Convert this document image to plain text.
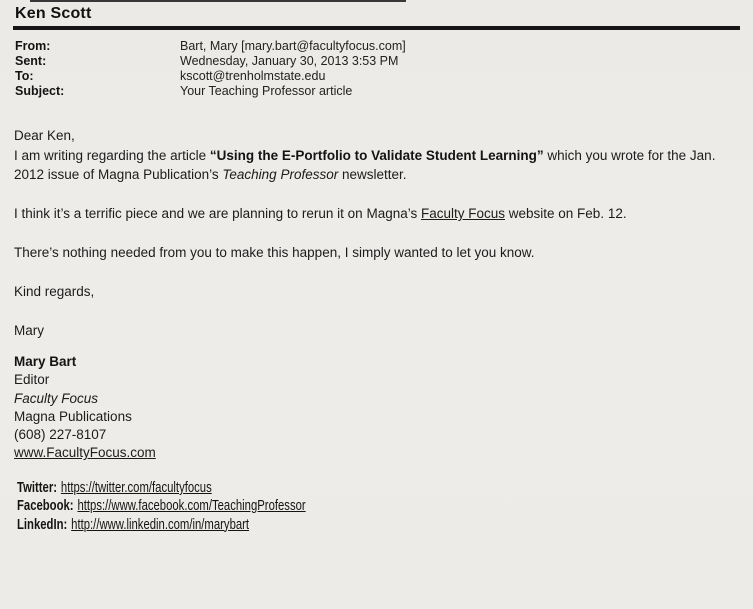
Ken Scott
From:	Bart, Mary [mary.bart@facultyfocus.com]
Sent:	Wednesday, January 30, 2013 3:53 PM
To:	kscott@trenholmstate.edu
Subject:	Your Teaching Professor article

Dear Ken,

I am writing regarding the article “Using the E-Portfolio to Validate Student Learning” which you wrote for the Jan. 2012 issue of Magna Publication’s Teaching Professor newsletter.

I think it’s a terrific piece and we are planning to rerun it on Magna’s Faculty Focus website on Feb. 12.

There’s nothing needed from you to make this happen, I simply wanted to let you know.

Kind regards,

Mary

Mary Bart
Editor
Faculty Focus
Magna Publications
(608) 227-8107
www.FacultyFocus.com
Twitter: https://twitter.com/facultyfocus
Facebook: https://www.facebook.com/TeachingProfessor
LinkedIn: http://www.linkedin.com/in/marybart
